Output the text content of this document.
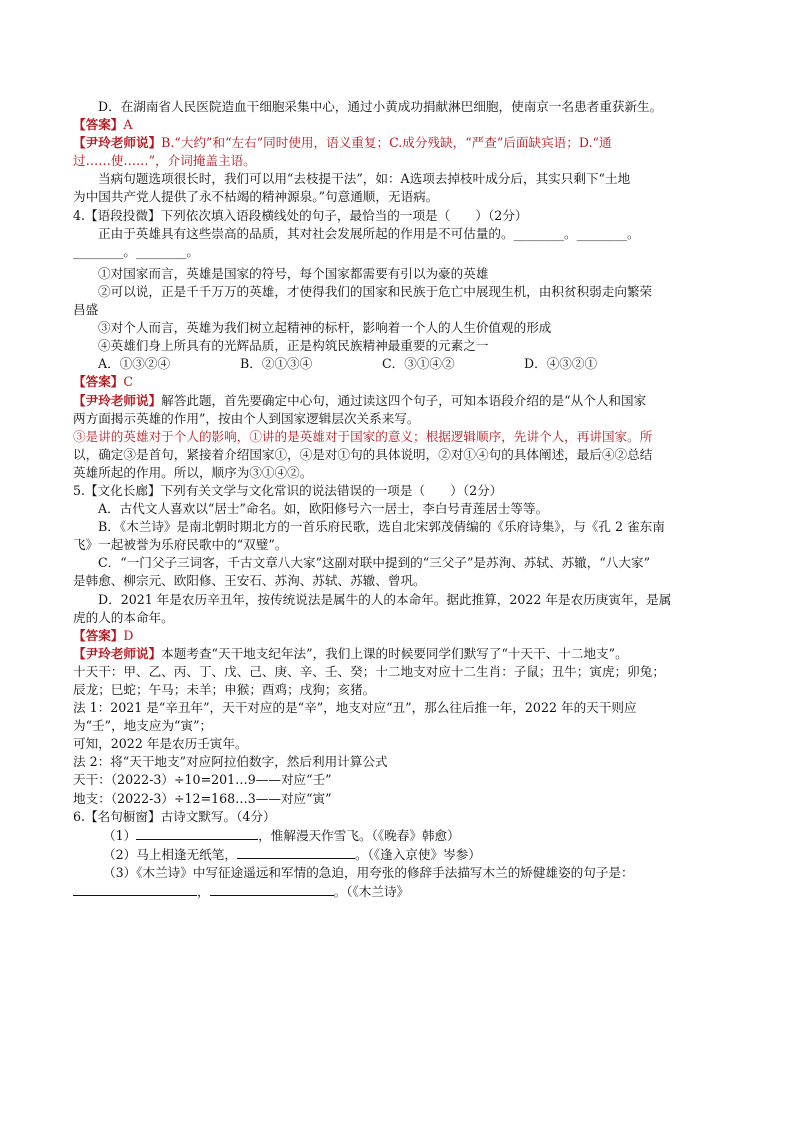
D．在湖南省人民医院造血干细胞采集中心，通过小黄成功捐献淋巴细胞，使南京一名患者重获新生。
【答案】A
【尹玲老师说】B.“大约”和“左右”同时使用，语义重复；C.成分残缺，“严查”后面缺宾语；D.“通
过……使……”，介词掩盖主语。
当病句题选项很长时，我们可以用“去枝提干法”，如：A选项去掉枝叶成分后，其实只剩下“土地
为中国共产党人提供了永不枯竭的精神源泉。”句意通顺，无语病。
4.【语段投微】下列依次填入语段横线处的句子，最恰当的一项是（　　）（2分）
正由于英雄具有这些崇高的品质，其对社会发展所起的作用是不可估量的。________。________。
________。________。
①对国家而言，英雄是国家的符号，每个国家都需要有引以为豪的英雄
②可以说，正是千千万万的英雄，才使得我们的国家和民族于危亡中展现生机，由积贫积弱走向繁荣
昌盛
③对个人而言，英雄为我们树立起精神的标杆，影响着一个人的人生价值观的形成
④英雄们身上所具有的光辉品质，正是构筑民族精神最重要的元素之一
A．①③②④	B．②①③④	C．③①④②	D．④③②①
【答案】C
【尹玲老师说】解答此题，首先要确定中心句，通过读这四个句子，可知本语段介绍的是“从个人和国家
两方面揭示英雄的作用”，按由个人到国家逻辑层次关系来写。
③是讲的英雄对于个人的影响，①讲的是英雄对于国家的意义；根据逻辑顺序，先讲个人，再讲国家。所
以，确定③是首句，紧接着介绍国家①，④是对①句的具体说明，②对①④句的具体阐述，最后④②总结
英雄所起的作用。所以，顺序为③①④②。
5.【文化长廊】下列有关文学与文化常识的说法错误的一项是（　　）（2分）
A．古代文人喜欢以“居士”命名。如，欧阳修号六一居士，李白号青莲居士等等。
B．《木兰诗》是南北朝时期北方的一首乐府民歌，选自北宋郭茂倩编的《乐府诗集》，与《孔 2 雀东南
飞》一起被誉为乐府民歌中的“双璧”。
C．“一门父子三词客，千古文章八大家”这副对联中提到的“三父子”是苏洵、苏轼、苏辙，“八大家”
是韩愈、柳宗元、欧阳修、王安石、苏洵、苏轼、苏辙、曾巩。
D．2021 年是农历辛丑年，按传统说法是属牛的人的本命年。据此推算，2022 年是农历庚寅年，是属
虎的人的本命年。
【答案】D
【尹玲老师说】本题考查“天干地支纪年法”，我们上课的时候要同学们默写了“十天干、十二地支”。
十天干：甲、乙、丙、丁、戊、己、庚、辛、壬、癸；十二地支对应十二生肖：子鼠；丑牛；寅虎；卯兔；
辰龙；巳蛇；午马；未羊；申猴；酉鸡；戌狗；亥猪。
法 1：2021 是“辛丑年”，天干对应的是“辛”，地支对应“丑”，那么往后推一年，2022 年的天干则应
为“壬”，地支应为“寅”；
可知，2022 年是农历壬寅年。
法 2：将“天干地支”对应阿拉伯数字，然后利用计算公式
天干：（2022-3）÷10=201…9——对应“壬”
地支：（2022-3）÷12=168…3——对应“寅”
6.【名句橱窗】古诗文默写。（4分）
（1）	，惟解漫天作雪飞。（《晚春》韩愈）
（2）马上相逢无纸笔，	。（《逢入京使》岑参）
（3）《木兰诗》中写征途遥远和军情的急迫，用夸张的修辞手法描写木兰的矫健雄姿的句子是：
，	。（《木兰诗》
